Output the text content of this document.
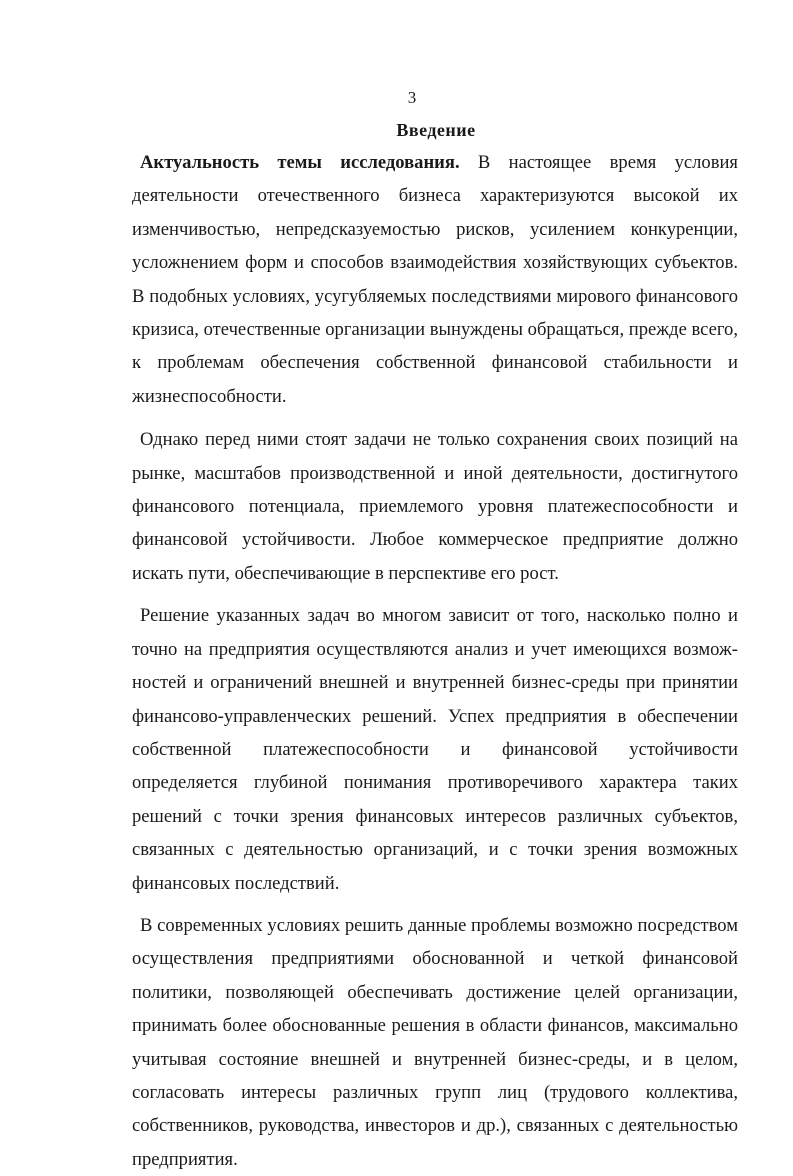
3
Введение

Актуальность темы исследования. В настоящее время условия деятельности отечественного бизнеса характеризуются высокой их изменчивостью, непредсказуемостью рисков, усилением конкуренции, усложнением форм и способов взаимодействия хозяйствующих субъектов. В подобных условиях, усугубляемых последствиями мирового финансового кризиса, отечественные организации вынуждены обращаться, прежде всего, к проблемам обеспечения собственной финансовой стабильности и жизнеспособности.

Однако перед ними стоят задачи не только сохранения своих позиций на рынке, масштабов производственной и иной деятельности, достигнутого финансового потенциала, приемлемого уровня платежеспособности и финансовой устойчивости. Любое коммерческое предприятие должно искать пути, обеспечивающие в перспективе его рост.

Решение указанных задач во многом зависит от того, насколько полно и точно на предприятия осуществляются анализ и учет имеющихся возможностей и ограничений внешней и внутренней бизнес-среды при принятии финансово-управленческих решений. Успех предприятия в обеспечении собственной платежеспособности и финансовой устойчивости определяется глубиной понимания противоречивого характера таких решений с точки зрения финансовых интересов различных субъектов, связанных с деятельностью организаций, и с точки зрения возможных финансовых последствий.

В современных условиях решить данные проблемы возможно посредством осуществления предприятиями обоснованной и четкой финансовой политики, позволяющей обеспечивать достижение целей организации, принимать более обоснованные решения в области финансов, максимально учитывая состояние внешней и внутренней бизнес-среды, и в целом, согласовать интересы различных групп лиц (трудового коллектива, собственников, руководства, инвесторов и др.), связанных с деятельностью предприятия.
